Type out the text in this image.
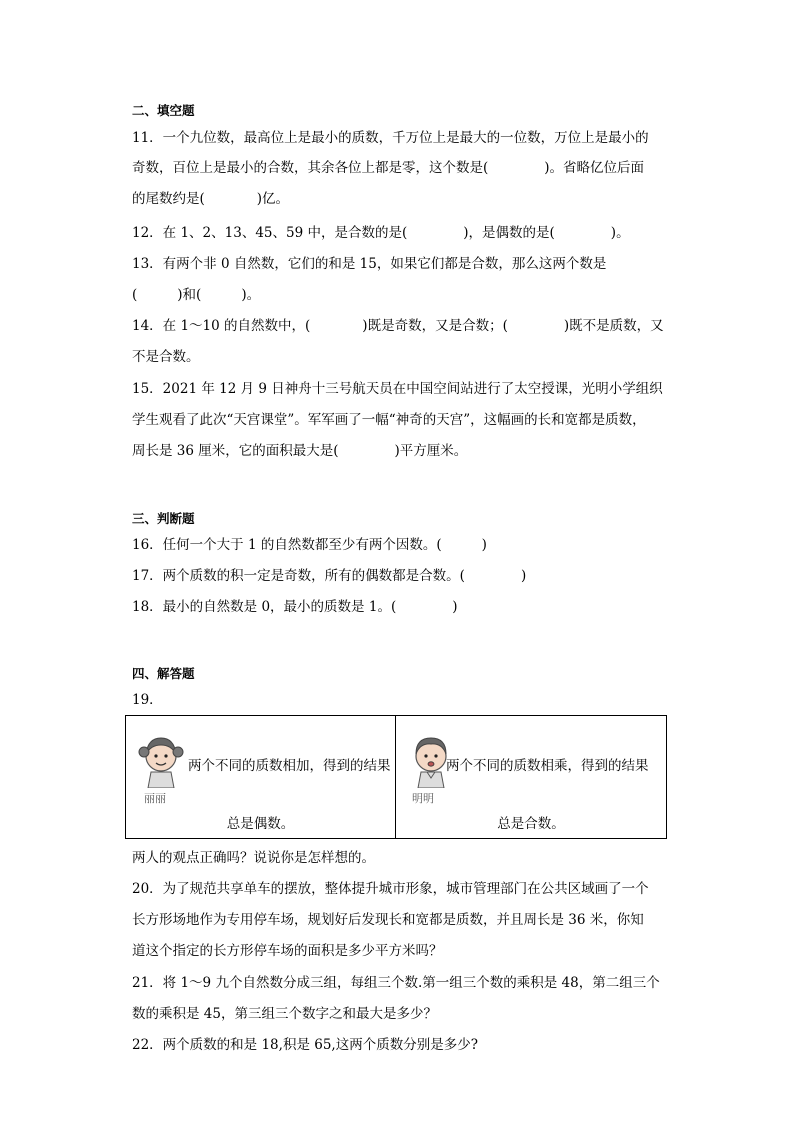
二、填空题
11．一个九位数，最高位上是最小的质数，千万位上是最大的一位数，万位上是最小的
奇数，百位上是最小的合数，其余各位上都是零，这个数是(	)。省略亿位后面
的尾数约是(	)亿。
12．在 1、2、13、45、59 中，是合数的是(	)，是偶数的是(	)。
13．有两个非 0 自然数，它们的和是 15，如果它们都是合数，那么这两个数是
(	)和(	)。
14．在 1～10 的自然数中，(	)既是奇数，又是合数；(	)既不是质数，又
不是合数。
15．2021 年 12 月 9 日神舟十三号航天员在中国空间站进行了太空授课，光明小学组织
学生观看了此次“天宫课堂”。军军画了一幅“神奇的天宫”，这幅画的长和宽都是质数，
周长是 36 厘米，它的面积最大是(	)平方厘米。
三、判断题
16．任何一个大于 1 的自然数都至少有两个因数。(	)
17．两个质数的积一定是奇数，所有的偶数都是合数。(	)
18．最小的自然数是 0，最小的质数是 1。(	)
四、解答题
19．
丽丽
两个不同的质数相加，得到的结果
总是偶数。
明明
两个不同的质数相乘，得到的结果
总是合数。
两人的观点正确吗？说说你是怎样想的。
20．为了规范共享单车的摆放，整体提升城市形象，城市管理部门在公共区域画了一个
长方形场地作为专用停车场，规划好后发现长和宽都是质数，并且周长是 36 米，你知
道这个指定的长方形停车场的面积是多少平方米吗？
21．将 1～9 九个自然数分成三组，每组三个数.第一组三个数的乘积是 48，第二组三个
数的乘积是 45，第三组三个数字之和最大是多少？
22．两个质数的和是 18,积是 65,这两个质数分别是多少?
